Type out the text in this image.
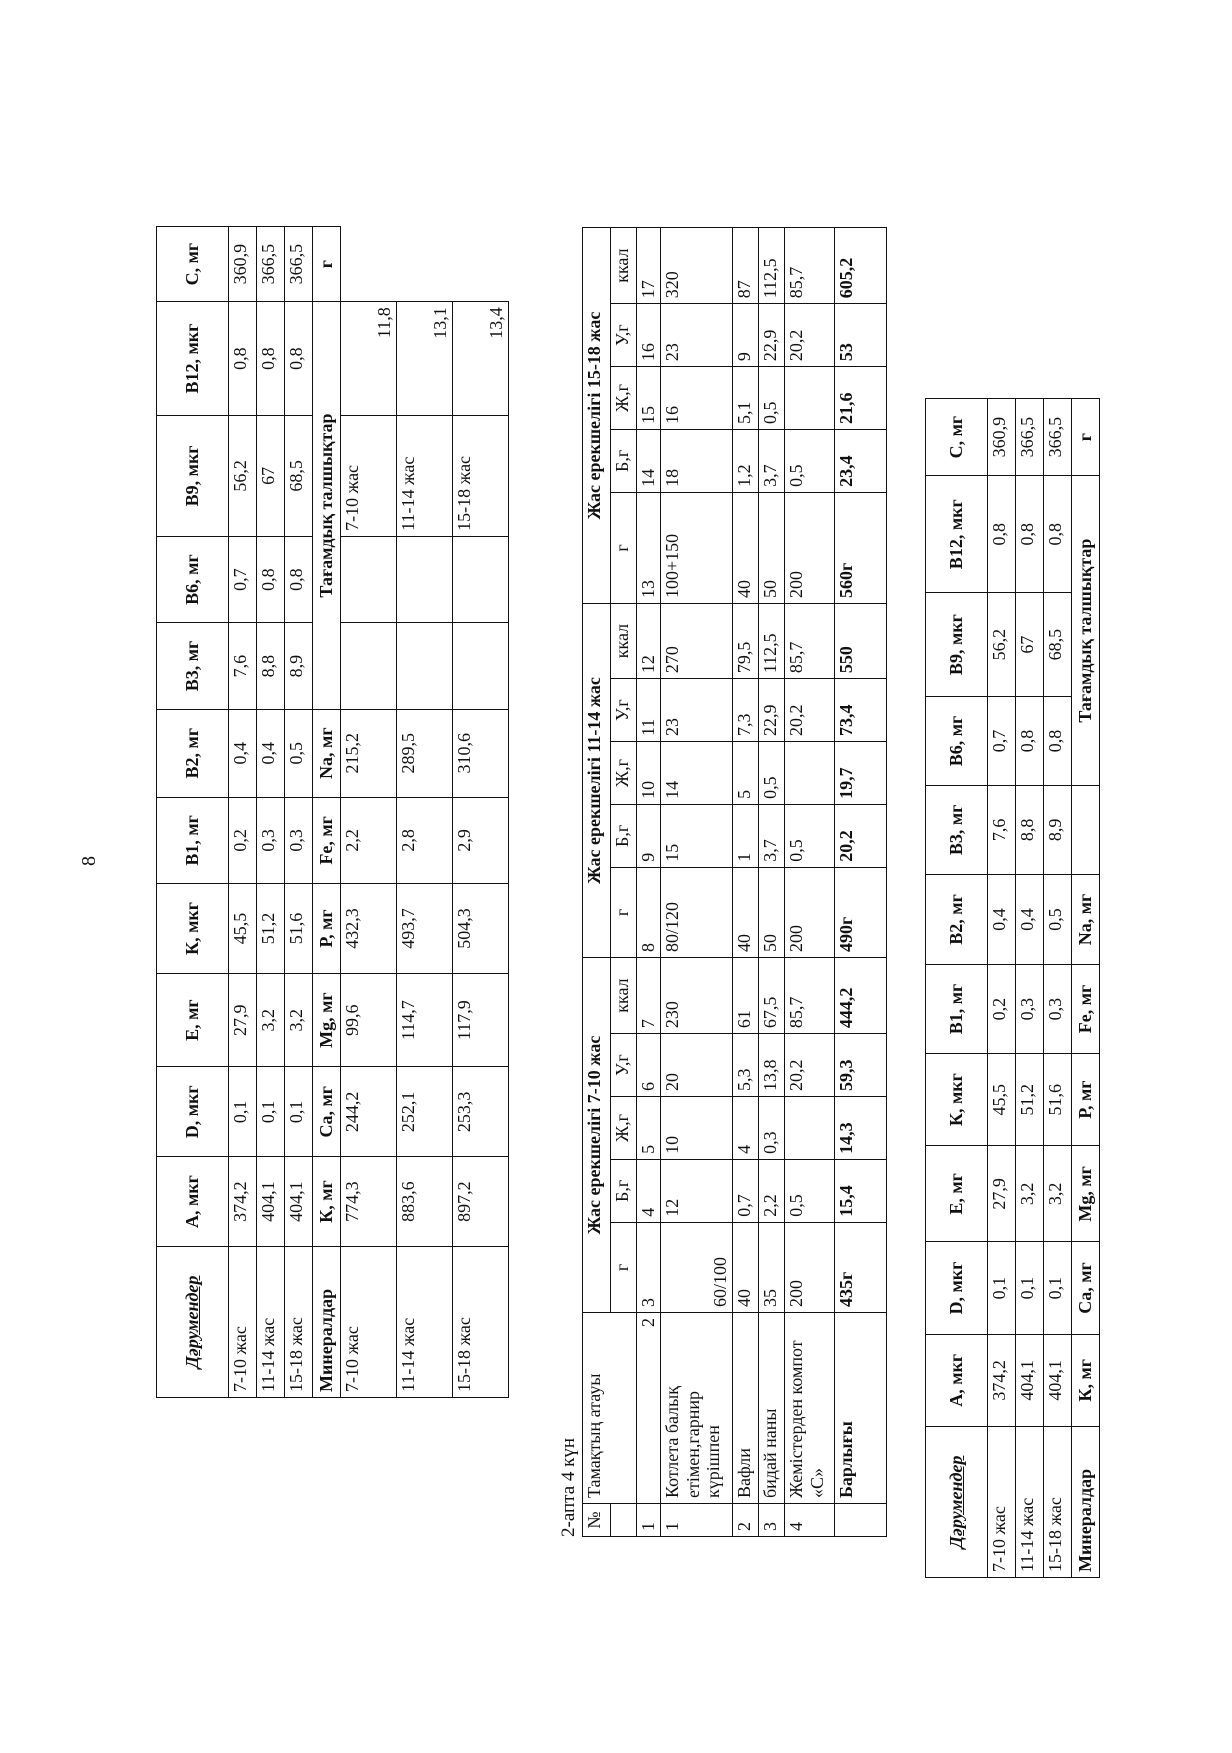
8
Дәрумендер	А, мкг	D, мкг	Е, мг	К, мкг	В1, мг	В2, мг	В3, мг	В6, мг	В9, мкг	В12, мкг	С, мг
7-10 жас	374,2	0,1	27,9	45,5	0,2	0,4	7,6	0,7	56,2	0,8	360,9
11-14 жас	404,1	0,1	3,2	51,2	0,3	0,4	8,8	0,8	67	0,8	366,5
15-18 жас	404,1	0,1	3,2	51,6	0,3	0,5	8,9	0,8	68,5	0,8	366,5
Минералдар	К, мг	Са, мг	Mg, мг	Р, мг	Fe, мг	Na, мг	Тағамдық талшықтар				г
7-10 жас	774,3	244,2	99,6	432,3	2,2	215,2			7-10 жас	11,8	
11-14 жас	883,6	252,1	114,7	493,7	2,8	289,5			11-14 жас	13,1	
15-18 жас	897,2	253,3	117,9	504,3	2,9	310,6			15-18 жас	13,4	
2-апта 4 күн №	Тамақтың атауы	Жас ерекшелігі 7-10 жас					Жас ерекшелігі 11-14 жас					Жас ерекшелігі 15-18 жас				
		г	Б,г	Ж,г	У,г	ккал	г	Б,г	Ж,г	У,г	ккал	г	Б,г	Ж,г	У,г	ккал
1	2	3	4	5	6	7	8	9	10	11	12	13	14	15	16	17
1	Котлета балық етімен,гарнир күрішпен	60/100	12	10	20	230	80/120	15	14	23	270	100+150	18	16	23	320
2	Вафли	40	0,7	4	5,3	61	40	1	5	7,3	79,5	40	1,2	5,1	9	87
3	бидай наны	35	2,2	0,3	13,8	67,5	50	3,7	0,5	22,9	112,5	50	3,7	0,5	22,9	112,5
4	Жемістерден компот «С»	200	0,5		20,2	85,7	200	0,5		20,2	85,7	200	0,5		20,2	85,7
	Барлығы	435г	15,4	14,3	59,3	444,2	490г	20,2	19,7	73,4	550	560г	23,4	21,6	53	605,2
Дәрумендер	А, мкг	D, мкг	Е, мг	К, мкг	В1, мг	В2, мг	В3, мг	В6, мг	В9, мкг	В12, мкг	С, мг
7-10 жас	374,2	0,1	27,9	45,5	0,2	0,4	7,6	0,7	56,2	0,8	360,9
11-14 жас	404,1	0,1	3,2	51,2	0,3	0,4	8,8	0,8	67	0,8	366,5
15-18 жас	404,1	0,1	3,2	51,6	0,3	0,5	8,9	0,8	68,5	0,8	366,5
Минералдар	К, мг	Са, мг	Mg, мг	Р, мг	Fe, мг	Na, мг		Тағамдық талшықтар			г
